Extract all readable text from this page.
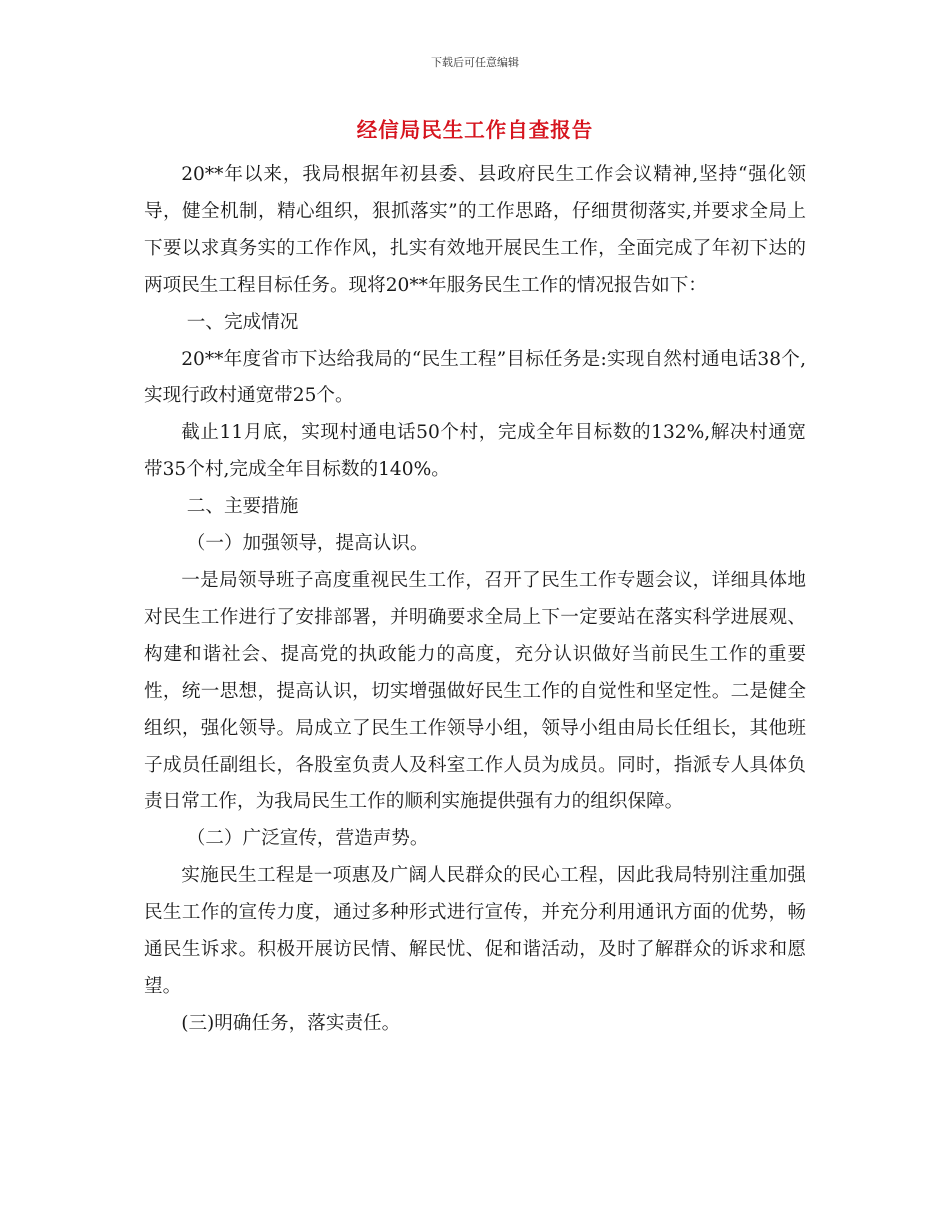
下载后可任意编辑
经信局民生工作自查报告

20**年以来，我局根据年初县委、县政府民生工作会议精神,坚持“强化领导，健全机制，精心组织，狠抓落实”的工作思路，仔细贯彻落实,并要求全局上下要以求真务实的工作作风，扎实有效地开展民生工作，全面完成了年初下达的两项民生工程目标任务。现将20**年服务民生工作的情况报告如下：

一、完成情况

20**年度省市下达给我局的“民生工程”目标任务是:实现自然村通电话38个,实现行政村通宽带25个。

截止11月底，实现村通电话50个村，完成全年目标数的132%,解决村通宽带35个村,完成全年目标数的140%。

二、主要措施

（一）加强领导，提高认识。

一是局领导班子高度重视民生工作，召开了民生工作专题会议，详细具体地对民生工作进行了安排部署，并明确要求全局上下一定要站在落实科学进展观、构建和谐社会、提高党的执政能力的高度，充分认识做好当前民生工作的重要性，统一思想，提高认识，切实增强做好民生工作的自觉性和坚定性。二是健全组织，强化领导。局成立了民生工作领导小组，领导小组由局长任组长，其他班子成员任副组长，各股室负责人及科室工作人员为成员。同时，指派专人具体负责日常工作，为我局民生工作的顺利实施提供强有力的组织保障。

（二）广泛宣传，营造声势。

实施民生工程是一项惠及广阔人民群众的民心工程，因此我局特别注重加强民生工作的宣传力度，通过多种形式进行宣传，并充分利用通讯方面的优势，畅通民生诉求。积极开展访民情、解民忧、促和谐活动，及时了解群众的诉求和愿望。

(三)明确任务，落实责任。
